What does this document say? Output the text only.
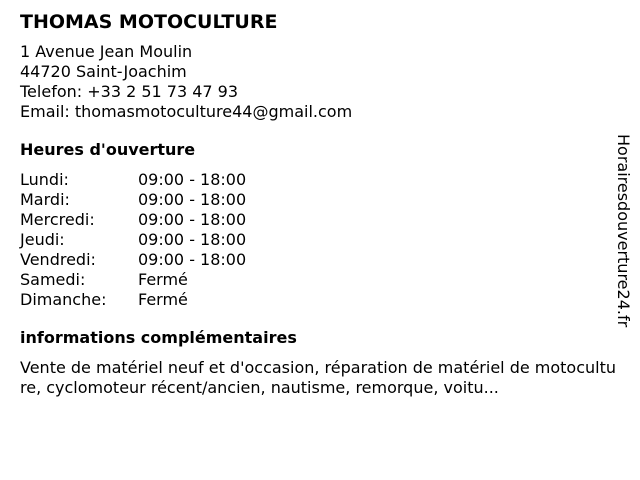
THOMAS MOTOCULTURE
1 Avenue Jean Moulin
44720 Saint-Joachim
Telefon: +33 2 51 73 47 93
Email: thomasmotoculture44@gmail.com
Heures d'ouverture
Lundi:	09:00 - 18:00
Mardi:	09:00 - 18:00
Mercredi:	09:00 - 18:00
Jeudi:	09:00 - 18:00
Vendredi:	09:00 - 18:00
Samedi:	Fermé
Dimanche:	Fermé
informations complémentaires
Vente de matériel neuf et d'occasion, réparation de matériel de motoculture, cyclomoteur récent/ancien, nautisme, remorque, voitu...
Horairesdouverture24.fr
